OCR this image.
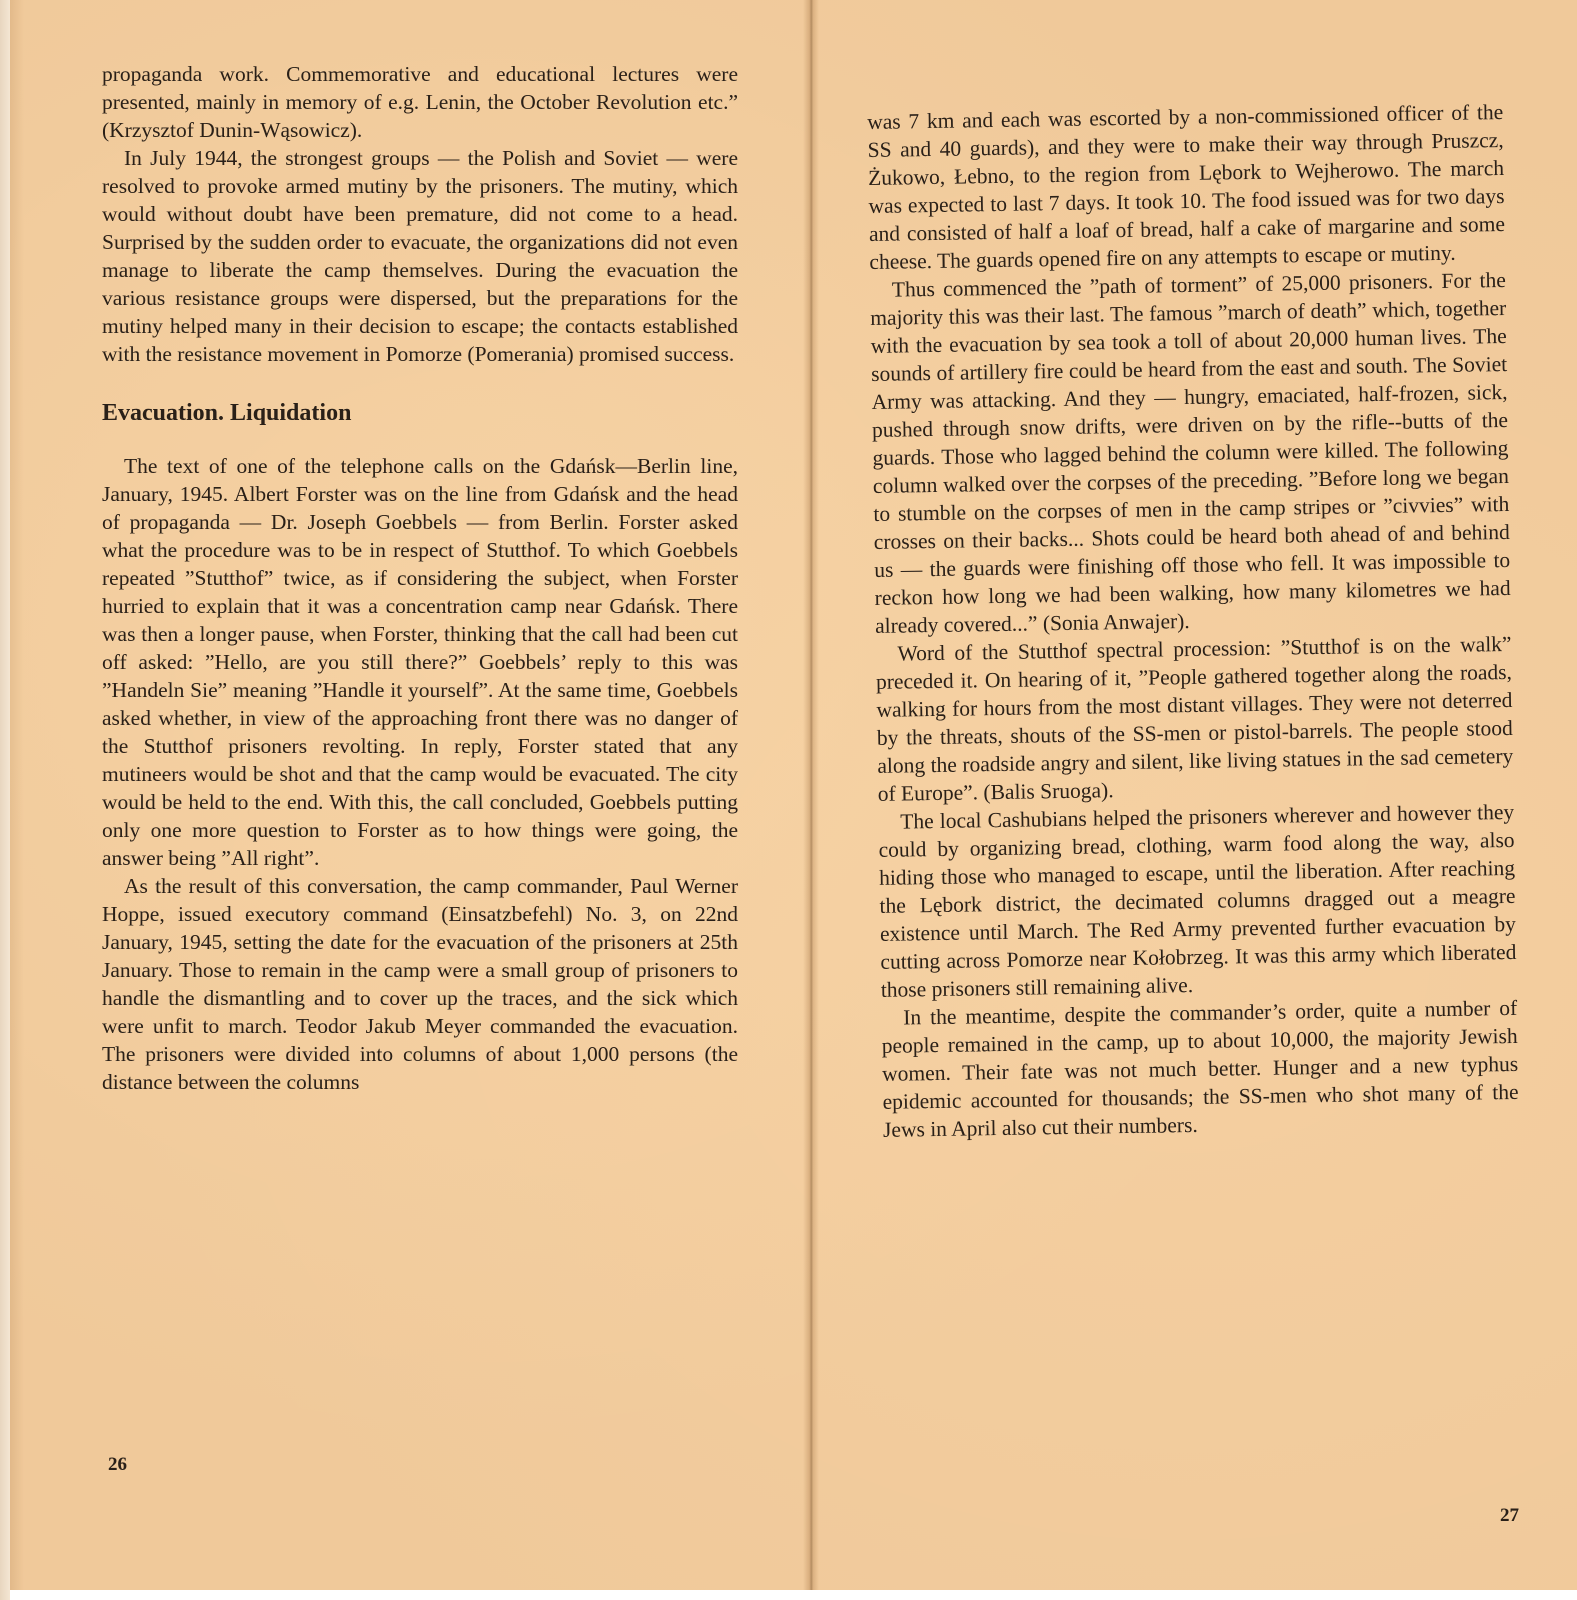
propaganda work. Commemorative and educational lectures were presented, mainly in memory of e.g. Lenin, the October Revolution etc.” (Krzysztof Dunin-Wąsowicz).

In July 1944, the strongest groups — the Polish and Soviet — were resolved to provoke armed mutiny by the prisoners. The mutiny, which would without doubt have been premature, did not come to a head. Surprised by the sudden order to evacuate, the organizations did not even manage to liberate the camp themselves. During the evacuation the various resistance groups were dispersed, but the preparations for the mutiny helped many in their decision to escape; the contacts established with the resistance movement in Pomorze (Pomerania) promised success.

Evacuation. Liquidation

The text of one of the telephone calls on the Gdańsk—Berlin line, January, 1945. Albert Forster was on the line from Gdańsk and the head of propaganda — Dr. Joseph Goebbels — from Berlin. Forster asked what the procedure was to be in respect of Stutthof. To which Goebbels repeated ”Stutthof” twice, as if considering the subject, when Forster hurried to explain that it was a concentration camp near Gdańsk. There was then a longer pause, when Forster, thinking that the call had been cut off asked: ”Hello, are you still there?” Goebbels’ reply to this was ”Handeln Sie” meaning ”Handle it yourself”. At the same time, Goebbels asked whether, in view of the approaching front there was no danger of the Stutthof prisoners revolting. In reply, Forster stated that any mutineers would be shot and that the camp would be evacuated. The city would be held to the end. With this, the call concluded, Goebbels putting only one more question to Forster as to how things were going, the answer being ”All right”.

As the result of this conversation, the camp commander, Paul Werner Hoppe, issued executory command (Einsatzbefehl) No. 3, on 22nd January, 1945, setting the date for the evacuation of the prisoners at 25th January. Those to remain in the camp were a small group of prisoners to handle the dismantling and to cover up the traces, and the sick which were unfit to march. Teodor Jakub Meyer commanded the evacuation. The prisoners were divided into columns of about 1,000 persons (the distance between the columns

26

was 7 km and each was escorted by a non-commissioned officer of the SS and 40 guards), and they were to make their way through Pruszcz, Żukowo, Łebno, to the region from Lębork to Wejherowo. The march was expected to last 7 days. It took 10. The food issued was for two days and consisted of half a loaf of bread, half a cake of margarine and some cheese. The guards opened fire on any attempts to escape or mutiny.

Thus commenced the ”path of torment” of 25,000 prisoners. For the majority this was their last. The famous ”march of death” which, together with the evacuation by sea took a toll of about 20,000 human lives. The sounds of artillery fire could be heard from the east and south. The Soviet Army was attacking. And they — hungry, emaciated, half-frozen, sick, pushed through snow drifts, were driven on by the rifle--butts of the guards. Those who lagged behind the column were killed. The following column walked over the corpses of the preceding. ”Before long we began to stumble on the corpses of men in the camp stripes or ”civvies” with crosses on their backs... Shots could be heard both ahead of and behind us — the guards were finishing off those who fell. It was impossible to reckon how long we had been walking, how many kilometres we had already covered...” (Sonia Anwajer).

Word of the Stutthof spectral procession: ”Stutthof is on the walk” preceded it. On hearing of it, ”People gathered together along the roads, walking for hours from the most distant villages. They were not deterred by the threats, shouts of the SS-men or pistol-barrels. The people stood along the roadside angry and silent, like living statues in the sad cemetery of Europe”. (Balis Sruoga).

The local Cashubians helped the prisoners wherever and however they could by organizing bread, clothing, warm food along the way, also hiding those who managed to escape, until the liberation. After reaching the Lębork district, the decimated columns dragged out a meagre existence until March. The Red Army prevented further evacuation by cutting across Pomorze near Kołobrzeg. It was this army which liberated those prisoners still remaining alive.

In the meantime, despite the commander’s order, quite a number of people remained in the camp, up to about 10,000, the majority Jewish women. Their fate was not much better. Hunger and a new typhus epidemic accounted for thousands; the SS-men who shot many of the Jews in April also cut their numbers.

27
